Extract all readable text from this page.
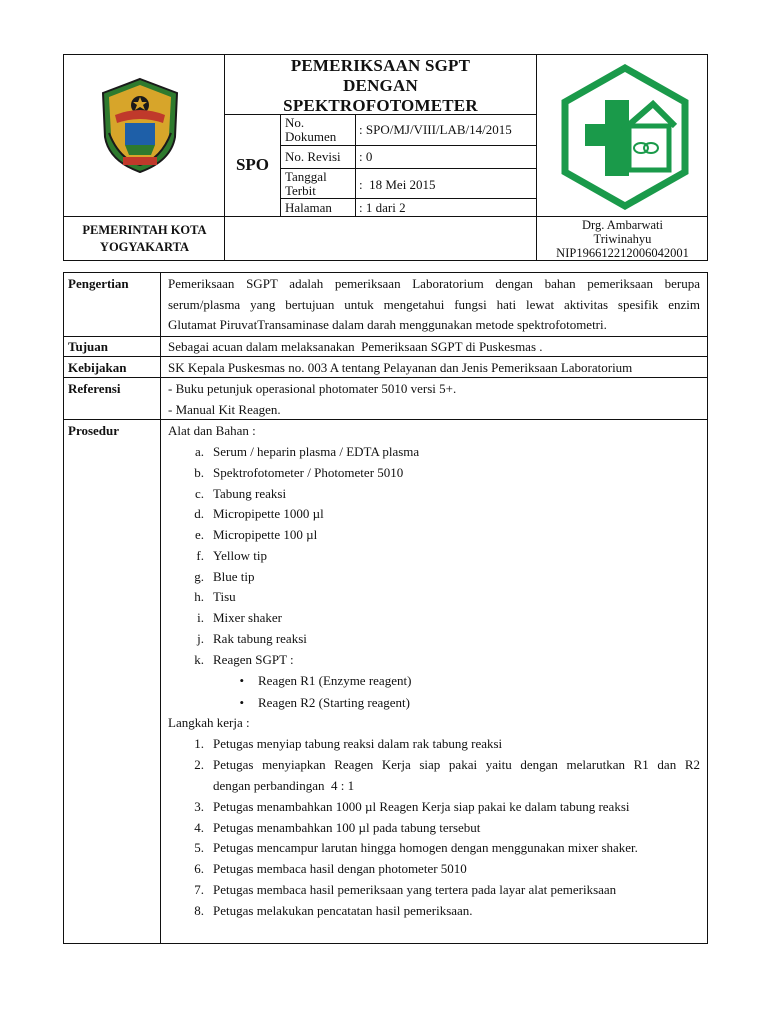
PEMERIKSAAN SGPT
DENGAN
SPEKTROFOTOMETER
SPO
No. Dokumen	: SPO/MJ/VIII/LAB/14/2015
No. Revisi : 0
Tanggal Terbit	:  18 Mei 2015
Halaman : 1 dari 2
PEMERINTAH KOTA
YOGYAKARTA
Drg. Ambarwati
Triwinahyu
NIP196612212006042001
Pengertian	Pemeriksaan SGPT adalah pemeriksaan Laboratorium dengan bahan pemeriksaan berupa
serum/plasma yang bertujuan untuk mengetahui fungsi hati lewat aktivitas spesifik enzim
Glutamat PiruvatTransaminase dalam darah menggunakan metode spektrofotometri.
Tujuan	Sebagai acuan dalam melaksanakan  Pemeriksaan SGPT di Puskesmas .
Kebijakan	SK Kepala Puskesmas no. 003 A tentang Pelayanan dan Jenis Pemeriksaan Laboratorium
Referensi	- Buku petunjuk operasional photomater 5010 versi 5+.
- Manual Kit Reagen.
Prosedur	Alat dan Bahan :
a. Serum / heparin plasma / EDTA plasma
b. Spektrofotometer / Photometer 5010
c. Tabung reaksi
d. Micropipette 1000 µl
e. Micropipette 100 µl
f. Yellow tip
g. Blue tip
h. Tisu
i. Mixer shaker
j. Rak tabung reaksi
k. Reagen SGPT :
• Reagen R1 (Enzyme reagent)
• Reagen R2 (Starting reagent)
Langkah kerja :
1. Petugas menyiap tabung reaksi dalam rak tabung reaksi
2. Petugas menyiapkan Reagen Kerja siap pakai yaitu dengan melarutkan R1 dan R2
dengan perbandingan  4 : 1
3. Petugas menambahkan 1000 µl Reagen Kerja siap pakai ke dalam tabung reaksi
4. Petugas menambahkan 100 µl pada tabung tersebut
5. Petugas mencampur larutan hingga homogen dengan menggunakan mixer shaker.
6. Petugas membaca hasil dengan photometer 5010
7. Petugas membaca hasil pemeriksaan yang tertera pada layar alat pemeriksaan
8. Petugas melakukan pencatatan hasil pemeriksaan.
